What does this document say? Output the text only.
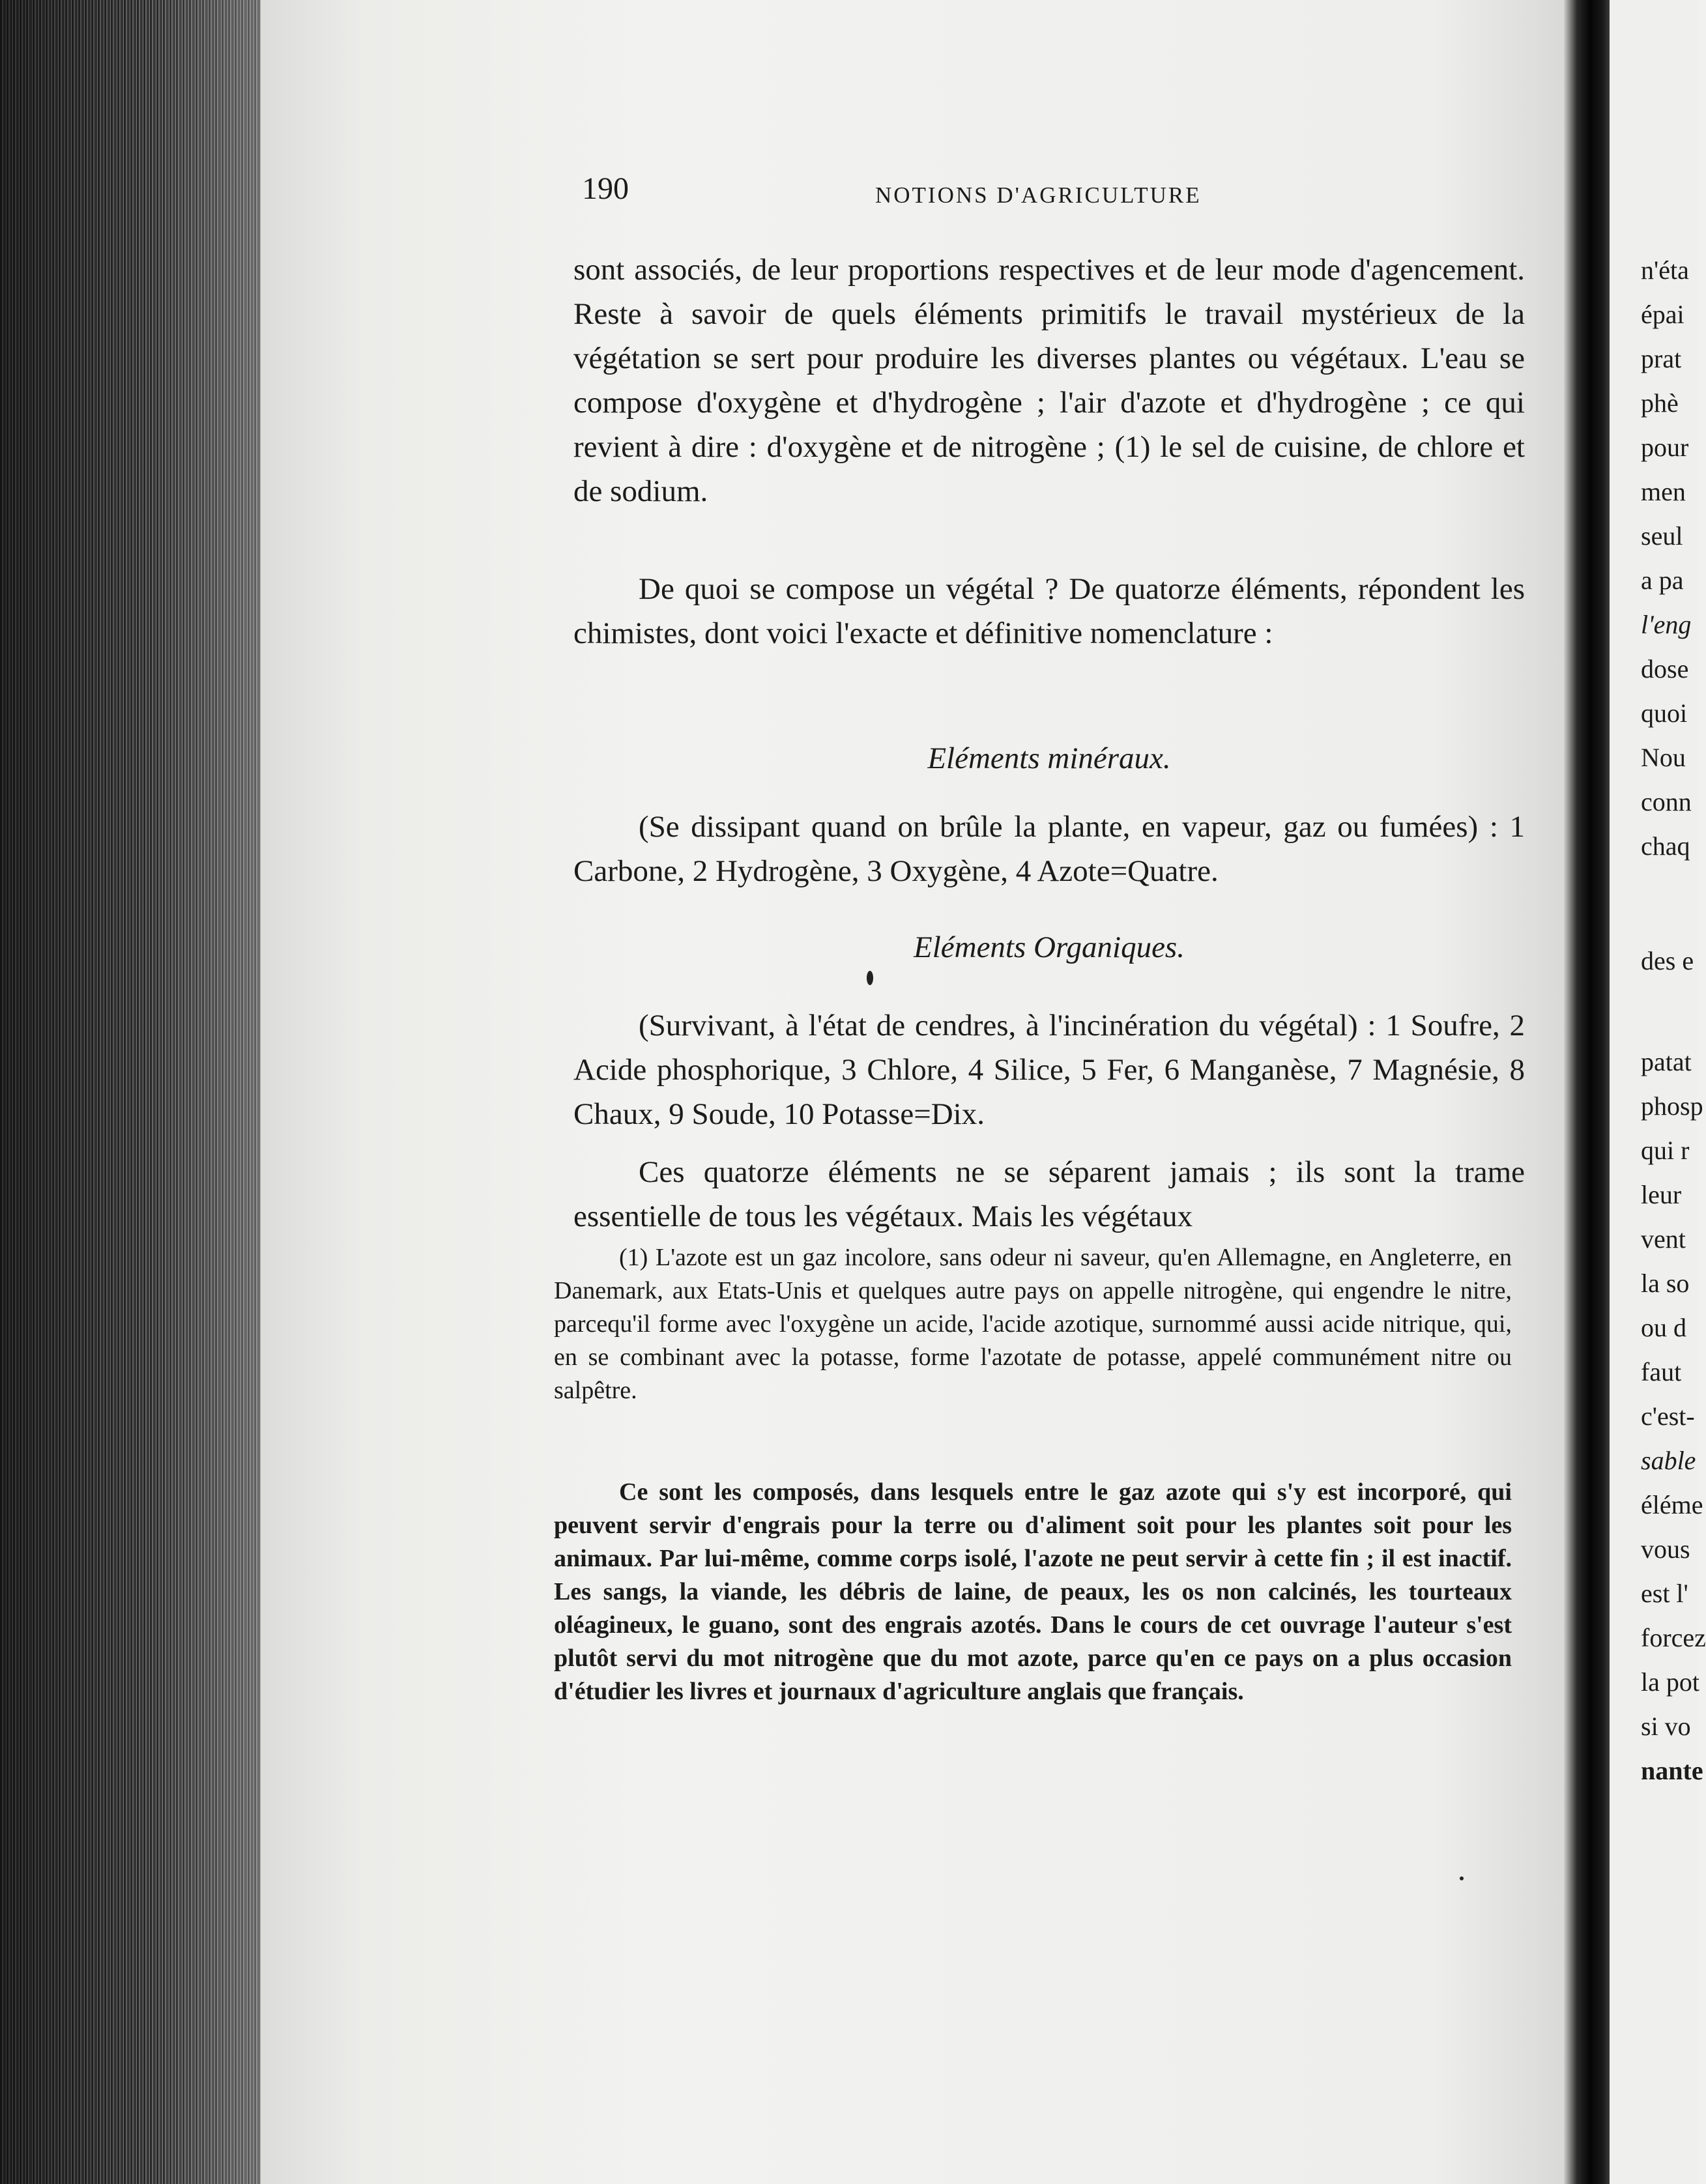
190	NOTIONS D'AGRICULTURE

sont associés, de leur proportions respectives et de leur mode d'agencement. Reste à savoir de quels éléments primitifs le travail mystérieux de la végétation se sert pour produire les diverses plantes ou végétaux. L'eau se compose d'oxygène et d'hydrogène ; l'air d'azote et d'hydrogène ; ce qui revient à dire : d'oxygène et de nitrogène ; (1) le sel de cuisine, de chlore et de sodium.

De quoi se compose un végétal ? De quatorze éléments, répondent les chimistes, dont voici l'exacte et définitive nomenclature :

Eléments minéraux.

(Se dissipant quand on brûle la plante, en vapeur, gaz ou fumées) : 1 Carbone, 2 Hydrogène, 3 Oxygène, 4 Azote=Quatre.

Eléments Organiques.

(Survivant, à l'état de cendres, à l'incinération du végétal) : 1 Soufre, 2 Acide phosphorique, 3 Chlore, 4 Silice, 5 Fer, 6 Manganèse, 7 Magnésie, 8 Chaux, 9 Soude, 10 Potasse=Dix.

Ces quatorze éléments ne se séparent jamais ; ils sont la trame essentielle de tous les végétaux. Mais les végétaux

(1) L'azote est un gaz incolore, sans odeur ni saveur, qu'en Allemagne, en Angleterre, en Danemark, aux Etats-Unis et quelques autre pays on appelle nitrogène, qui engendre le nitre, parcequ'il forme avec l'oxygène un acide, l'acide azotique, surnommé aussi acide nitrique, qui, en se combinant avec la potasse, forme l'azotate de potasse, appelé communément nitre ou salpêtre.

Ce sont les composés, dans lesquels entre le gaz azote qui s'y est incorporé, qui peuvent servir d'engrais pour la terre ou d'aliment soit pour les plantes soit pour les animaux. Par lui-même, comme corps isolé, l'azote ne peut servir à cette fin ; il est inactif. Les sangs, la viande, les débris de laine, de peaux, les os non calcinés, les tourteaux oléagineux, le guano, sont des engrais azotés. Dans le cours de cet ouvrage l'auteur s'est plutôt servi du mot nitrogène que du mot azote, parce qu'en ce pays on a plus occasion d'étudier les livres et journaux d'agriculture anglais que français.

n'éta
épai
prat
phè
pour
men
seul
a pa
l'eng
dose
quoi
Nou
conn
chaq
des e
patat
phosp
qui r
leur
vent
la so
ou d
faut
c'est-
sable
éléme
vous
est l'
forcez
la pot
si vo
nante
